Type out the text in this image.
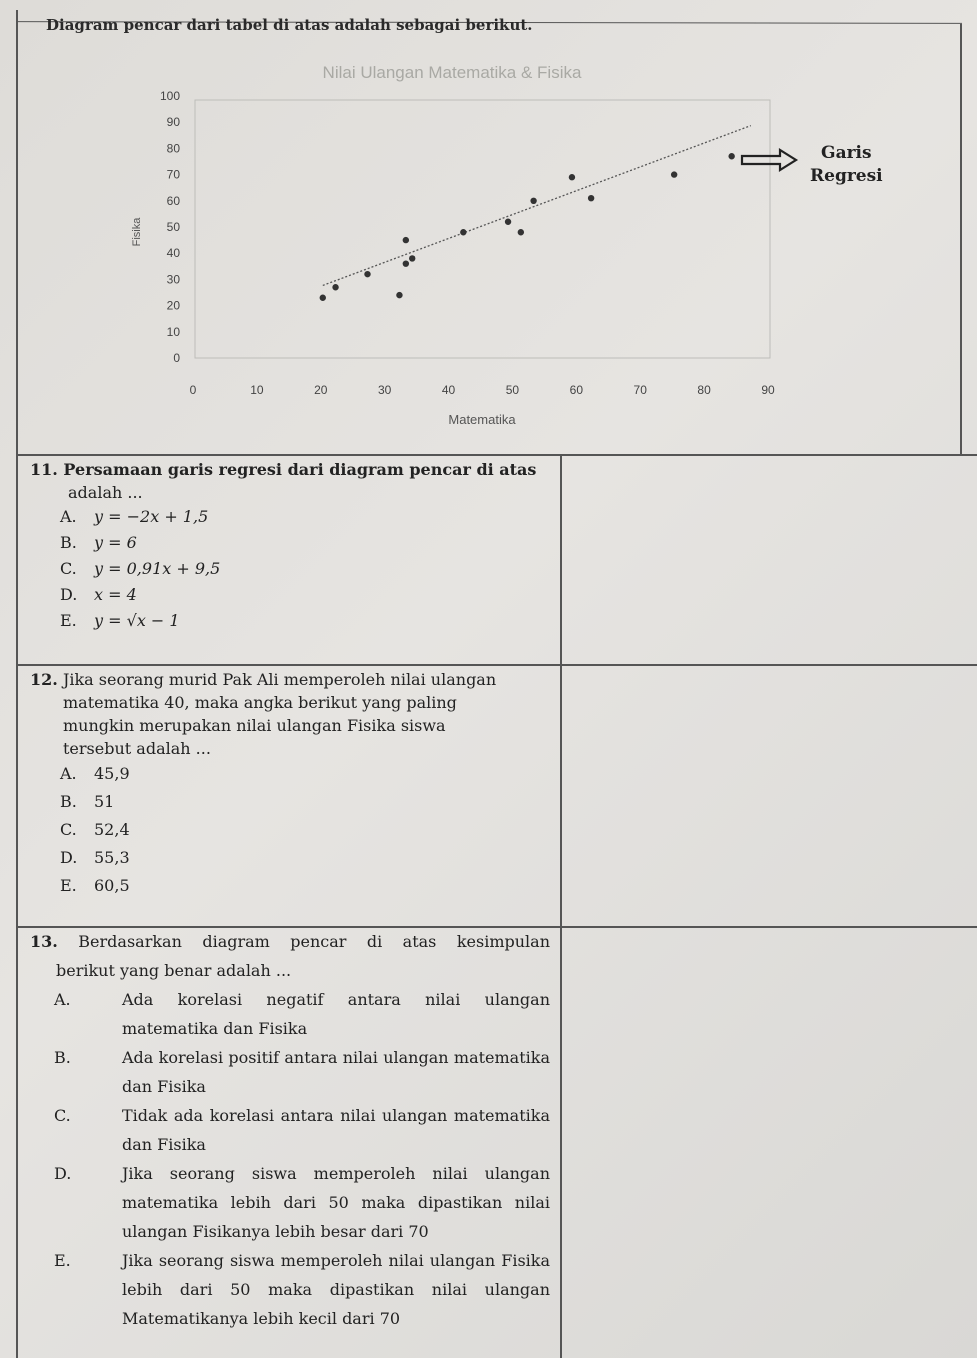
Diagram pencar dari tabel di atas adalah sebagai berikut.
Nilai Ulangan Matematika & Fisika
0
10
20
30
40
50
60
70
80
90
100
0	10	20	30	40	50	60	70	80	90
Matematika
Fisika
Garis
Regresi
11. Persamaan garis regresi dari diagram pencar di atas
adalah ...
A. y = −2x + 1,5
B. y = 6
C. y = 0,91x + 9,5
D. x = 4
E. y = √x − 1
12. Jika seorang murid Pak Ali memperoleh nilai ulangan
matematika 40, maka angka berikut yang paling
mungkin merupakan nilai ulangan Fisika siswa
tersebut adalah ...
A. 45,9
B. 51
C. 52,4
D. 55,3
E. 60,5
13. Berdasarkan diagram pencar di atas kesimpulan
berikut yang benar adalah ...
A.	Ada korelasi negatif antara nilai ulangan matematika dan Fisika
B.	Ada korelasi positif antara nilai ulangan matematika dan Fisika
C.	Tidak ada korelasi antara nilai ulangan matematika dan Fisika
D.	Jika seorang siswa memperoleh nilai ulangan matematika lebih dari 50 maka dipastikan nilai ulangan Fisikanya lebih besar dari 70
E.	Jika seorang siswa memperoleh nilai ulangan Fisika lebih dari 50 maka dipastikan nilai ulangan Matematikanya lebih kecil dari 70
